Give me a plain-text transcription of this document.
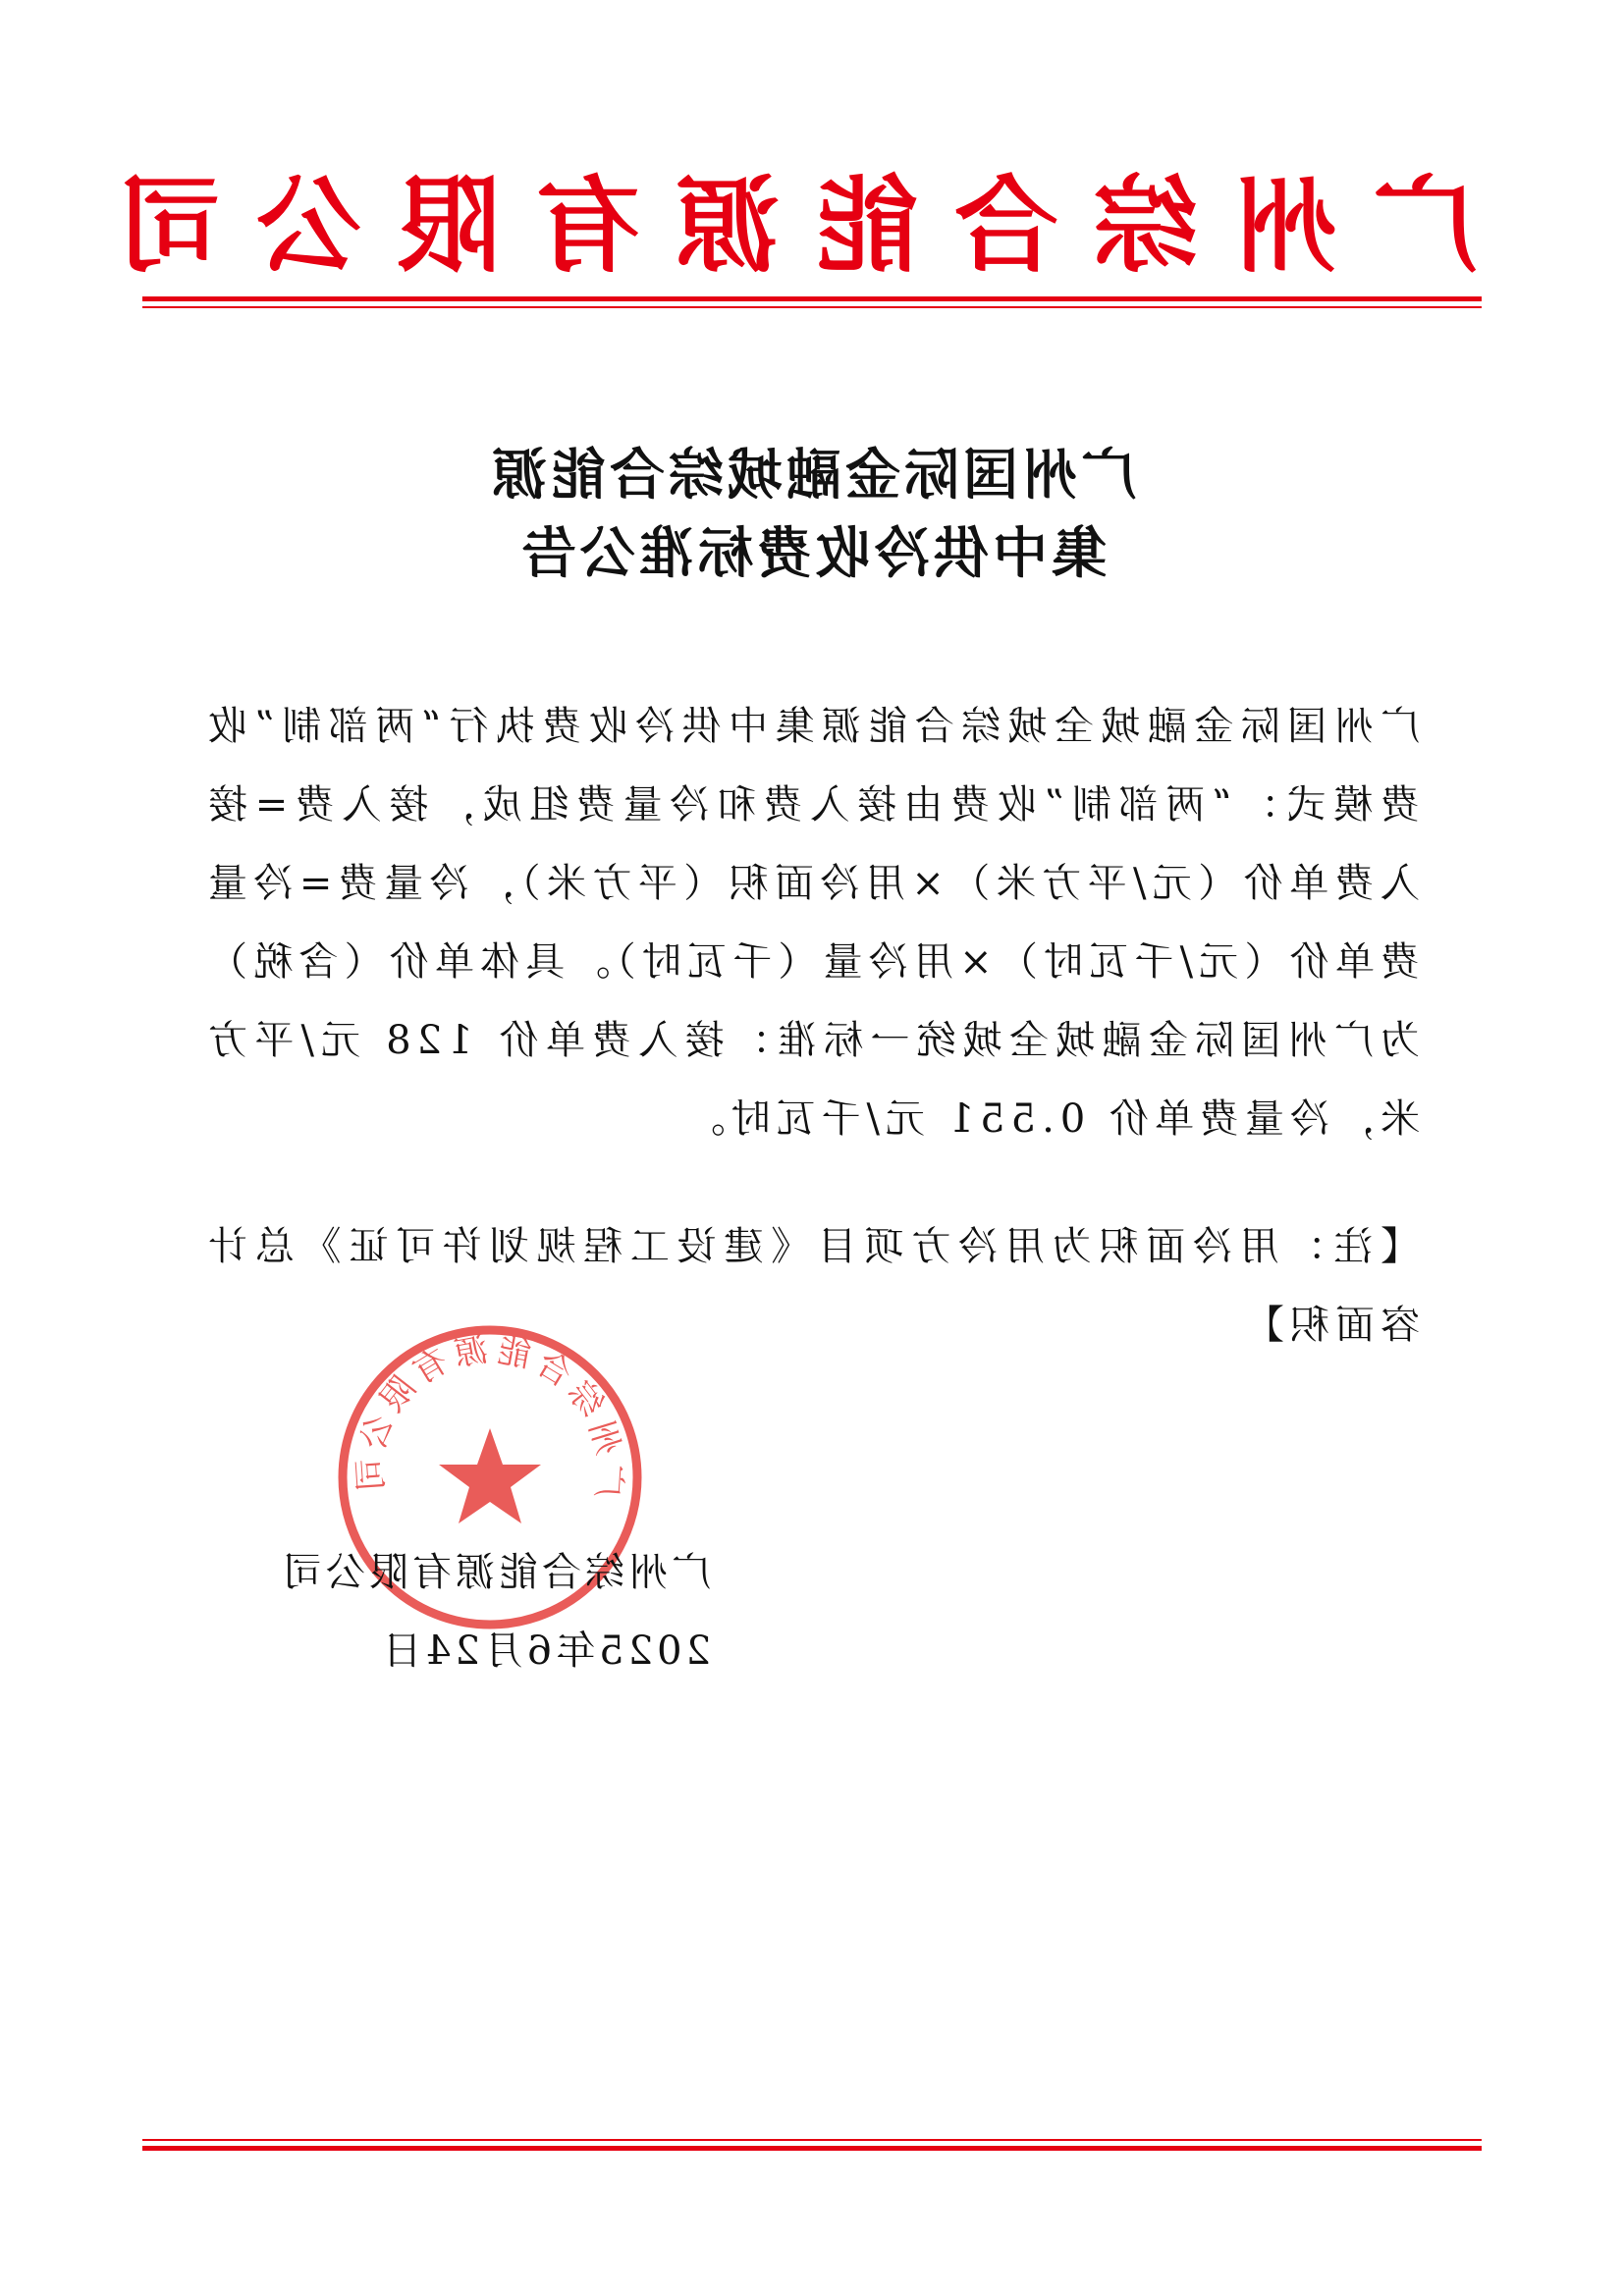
广州综合能源有限公司
广州国际金融城综合能源
集中供冷收费标准公告

广州国际金融城全城综合能源集中供冷收费执行“两部制”收费模式：“两部制”收费由接入费和冷量费组成，接入费=接入费单价（元/平方米）×用冷面积（平方米），冷量费=冷量费单价（元/千瓦时）×用冷量（千瓦时）。具体单价（含税）为广州国际金融城全城统一标准：接入费单价 128 元/平方米，冷量费单价 0.551 元/千瓦时。

【注：用冷面积为用冷方项目《建设工程规划许可证》总计容面积】

广州综合能源有限公司
广州综合能源有限公司
2025年6月24日
